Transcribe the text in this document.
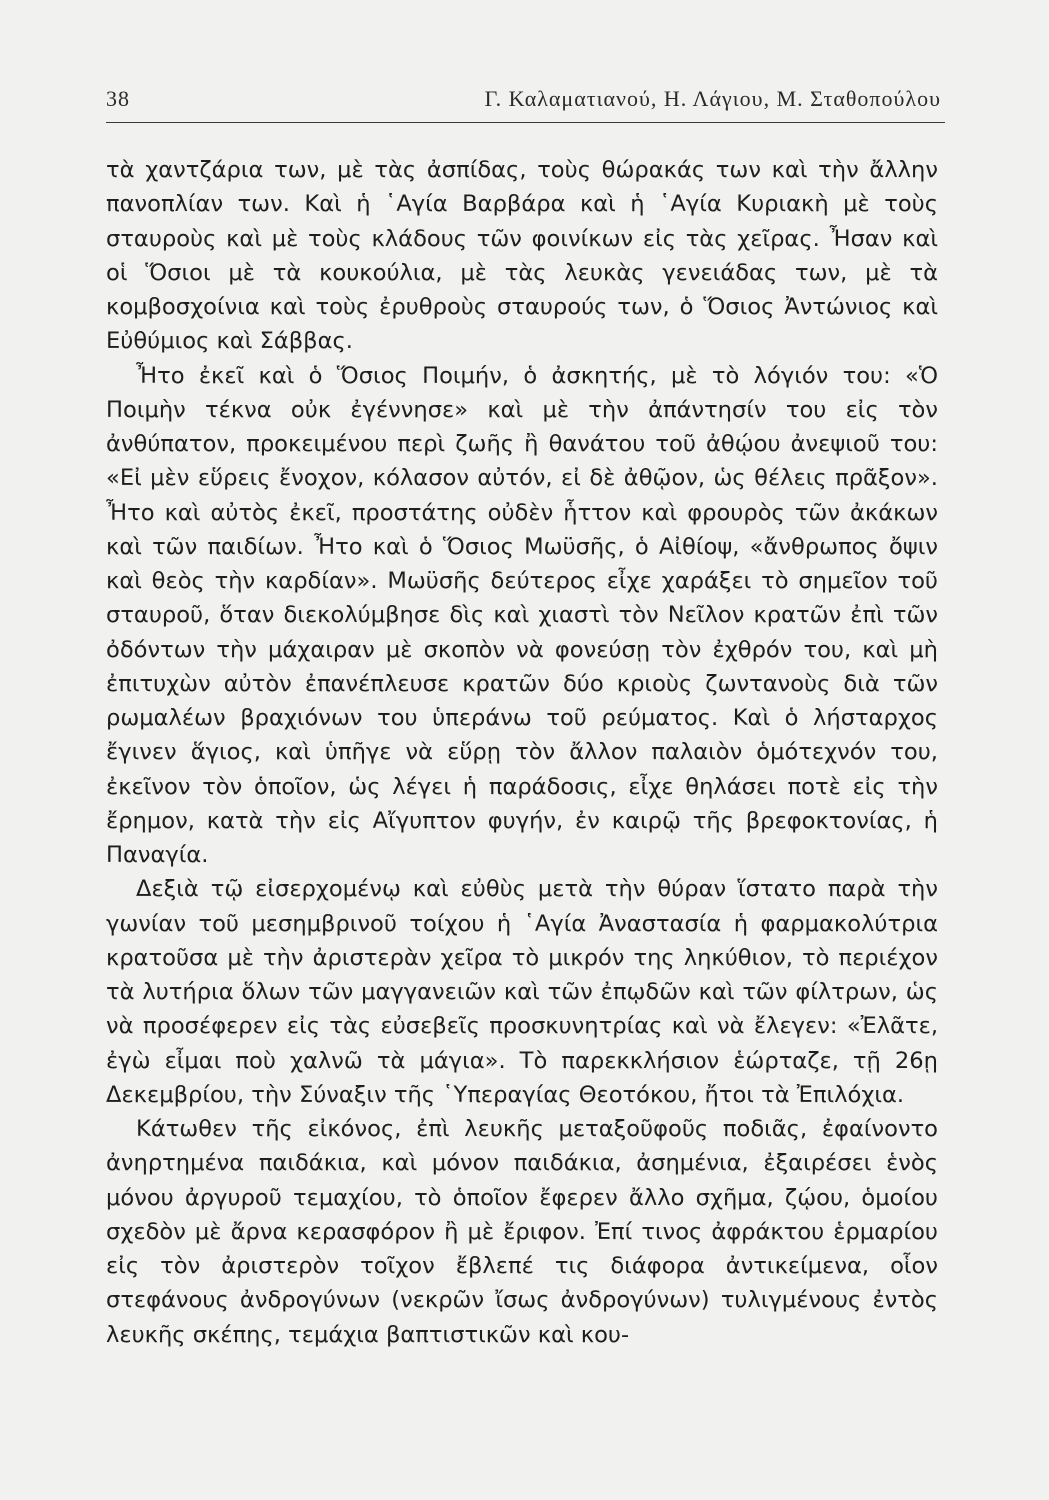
38	Γ. Καλαματιανού, Η. Λάγιου, Μ. Σταθοπούλου

τὰ χαντζάρια των, μὲ τὰς ἀσπίδας, τοὺς θώρακάς των καὶ τὴν ἄλλην πανοπλίαν των. Καὶ ἡ ῾Αγία Βαρβάρα καὶ ἡ ῾Αγία Κυριακὴ μὲ τοὺς σταυροὺς καὶ μὲ τοὺς κλάδους τῶν φοινίκων εἰς τὰς χεῖρας. Ἦσαν καὶ οἱ Ὅσιοι μὲ τὰ κουκούλια, μὲ τὰς λευκὰς γενειάδας των, μὲ τὰ κομβοσχοίνια καὶ τοὺς ἐρυθροὺς σταυρούς των, ὁ Ὅσιος Ἀντώνιος καὶ Εὐθύμιος καὶ Σάββας.

Ἦτο ἐκεῖ καὶ ὁ Ὅσιος Ποιμήν, ὁ ἀσκητής, μὲ τὸ λόγιόν του: «Ὁ Ποιμὴν τέκνα οὐκ ἐγέννησε» καὶ μὲ τὴν ἀπάντησίν του εἰς τὸν ἀνθύπατον, προκειμένου περὶ ζωῆς ἢ θανάτου τοῦ ἀθῴου ἀνεψιοῦ του: «Εἰ μὲν εὕρεις ἔνοχον, κόλασον αὐτόν, εἰ δὲ ἀθῷον, ὡς θέλεις πρᾶξον». Ἦτο καὶ αὐτὸς ἐκεῖ, προστάτης οὐδὲν ἧττον καὶ φρουρὸς τῶν ἀκάκων καὶ τῶν παιδίων. Ἦτο καὶ ὁ Ὅσιος Μωϋσῆς, ὁ Αἰθίοψ, «ἄνθρωπος ὄψιν καὶ θεὸς τὴν καρδίαν». Μωϋσῆς δεύτερος εἶχε χαράξει τὸ σημεῖον τοῦ σταυροῦ, ὅταν διεκολύμβησε δὶς καὶ χιαστὶ τὸν Νεῖλον κρατῶν ἐπὶ τῶν ὀδόντων τὴν μάχαιραν μὲ σκοπὸν νὰ φονεύσῃ τὸν ἐχθρόν του, καὶ μὴ ἐπιτυχὼν αὐτὸν ἐπανέπλευσε κρατῶν δύο κριοὺς ζωντανοὺς διὰ τῶν ρωμαλέων βραχιόνων του ὑπεράνω τοῦ ρεύματος. Καὶ ὁ λήσταρχος ἔγινεν ἅγιος, καὶ ὑπῆγε νὰ εὕρῃ τὸν ἄλλον παλαιὸν ὁμότεχνόν του, ἐκεῖνον τὸν ὁποῖον, ὡς λέγει ἡ παράδοσις, εἶχε θηλάσει ποτὲ εἰς τὴν ἔρημον, κατὰ τὴν εἰς Αἴγυπτον φυγήν, ἐν καιρῷ τῆς βρεφοκτονίας, ἡ Παναγία.

Δεξιὰ τῷ εἰσερχομένῳ καὶ εὐθὺς μετὰ τὴν θύραν ἵστατο παρὰ τὴν γωνίαν τοῦ μεσημβρινοῦ τοίχου ἡ ῾Αγία Ἀναστασία ἡ φαρμακολύτρια κρατοῦσα μὲ τὴν ἀριστερὰν χεῖρα τὸ μικρόν της ληκύθιον, τὸ περιέχον τὰ λυτήρια ὅλων τῶν μαγγανειῶν καὶ τῶν ἐπῳδῶν καὶ τῶν φίλτρων, ὡς νὰ προσέφερεν εἰς τὰς εὐσεβεῖς προσκυνητρίας καὶ νὰ ἔλεγεν: «Ἐλᾶτε, ἐγὼ εἶμαι ποὺ χαλνῶ τὰ μάγια». Τὸ παρεκκλήσιον ἑώρταζε, τῇ 26ῃ Δεκεμβρίου, τὴν Σύναξιν τῆς ῾Υπεραγίας Θεοτόκου, ἤτοι τὰ Ἐπιλόχια.

Κάτωθεν τῆς εἰκόνος, ἐπὶ λευκῆς μεταξοῦφοῦς ποδιᾶς, ἐφαίνοντο ἀνηρτημένα παιδάκια, καὶ μόνον παιδάκια, ἀσημένια, ἐξαιρέσει ἑνὸς μόνου ἀργυροῦ τεμαχίου, τὸ ὁποῖον ἔφερεν ἄλλο σχῆμα, ζῴου, ὁμοίου σχεδὸν μὲ ἄρνα κερασφόρον ἢ μὲ ἔριφον. Ἐπί τινος ἀφράκτου ἑρμαρίου εἰς τὸν ἀριστερὸν τοῖχον ἔβλεπέ τις διάφορα ἀντικείμενα, οἷον στεφάνους ἀνδρογύνων (νεκρῶν ἴσως ἀνδρογύνων) τυλιγμένους ἐντὸς λευκῆς σκέπης, τεμάχια βαπτιστικῶν καὶ κου-
